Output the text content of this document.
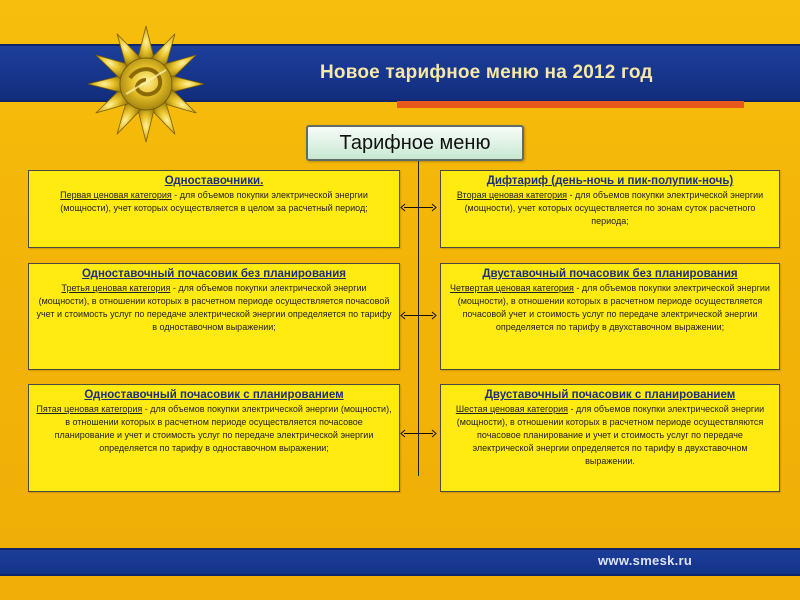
Новое тарифное меню на 2012 год
Тарифное меню
Одноставочники.
Первая ценовая категория - для объемов покупки электрической энергии (мощности), учет которых осуществляется в целом за расчетный период;
Дифтариф (день-ночь и пик-полупик-ночь)
Вторая ценовая категория - для объемов покупки электрической энергии (мощности), учет которых осуществляется по зонам суток расчетного периода;
Одноставочный почасовик без планирования
Третья ценовая категория - для объемов покупки электрической энергии (мощности), в отношении которых в расчетном периоде осуществляется почасовой учет и стоимость услуг по передаче электрической энергии определяется по тарифу в одноставочном выражении;
Двуставочный почасовик без планирования
Четвертая ценовая категория - для объемов покупки электрической энергии (мощности), в отношении которых в расчетном периоде осуществляется почасовой учет и стоимость услуг по передаче электрической энергии определяется по тарифу в двухставочном выражении;
Одноставочный почасовик с планированием
Пятая ценовая категория - для объемов покупки электрической энергии (мощности), в отношении которых в расчетном периоде осуществляется почасовое планирование и учет и стоимость услуг по передаче электрической энергии определяется по тарифу в одноставочном выражении;
Двуставочный почасовик с планированием
Шестая ценовая категория - для объемов покупки электрической энергии (мощности), в отношении которых в расчетном периоде осуществляются почасовое планирование и учет и стоимость услуг по передаче электрической энергии определяется по тарифу в двухставочном выражении.
www.smesk.ru
